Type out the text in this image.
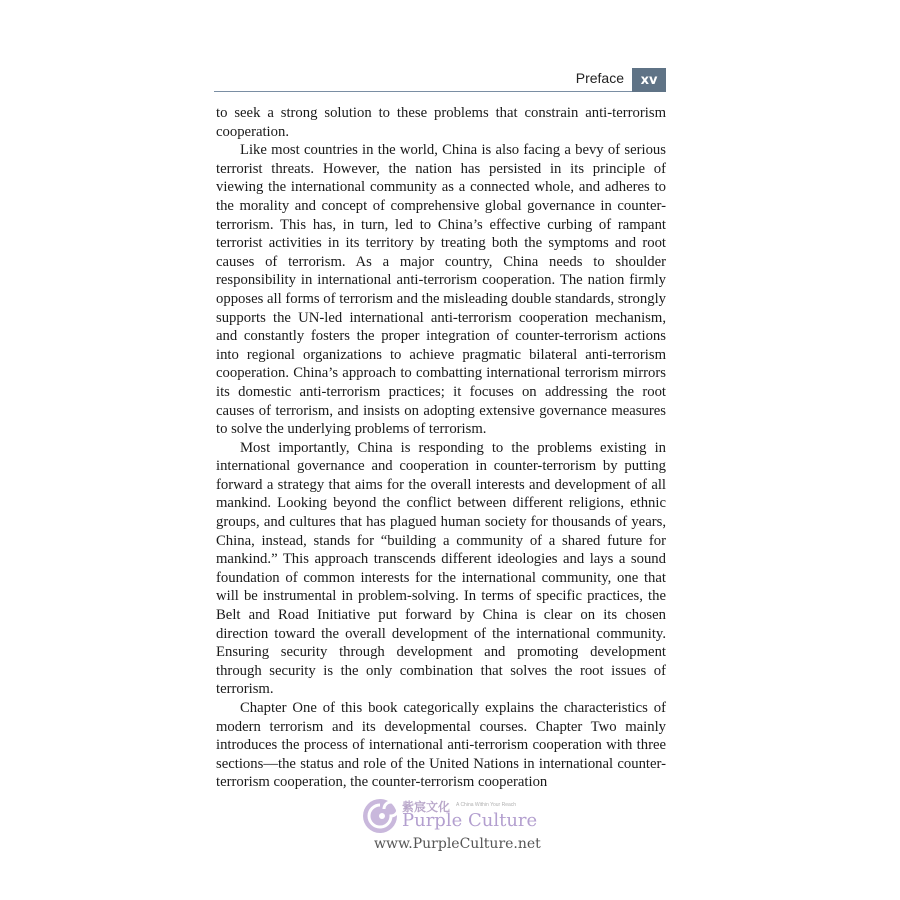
Preface	xv

to seek a strong solution to these problems that constrain anti-terrorism cooperation.

Like most countries in the world, China is also facing a bevy of serious terrorist threats. However, the nation has persisted in its principle of viewing the international community as a connected whole, and adheres to the morality and concept of comprehensive global governance in counter-terrorism. This has, in turn, led to China’s effective curbing of rampant terrorist activities in its territory by treating both the symptoms and root causes of terrorism. As a major country, China needs to shoulder responsibility in international anti-terrorism cooperation. The nation firmly opposes all forms of terrorism and the misleading double standards, strongly supports the UN-led international anti-terrorism cooperation mechanism, and constantly fosters the proper integration of counter-terrorism actions into regional organizations to achieve pragmatic bilateral anti-terrorism cooperation. China’s approach to combatting international terrorism mirrors its domestic anti-terrorism practices; it focuses on addressing the root causes of terrorism, and insists on adopting extensive governance measures to solve the underlying problems of terrorism.

Most importantly, China is responding to the problems existing in international governance and cooperation in counter-terrorism by putting forward a strategy that aims for the overall interests and development of all mankind. Looking beyond the conflict between different religions, ethnic groups, and cultures that has plagued human society for thousands of years, China, instead, stands for “building a community of a shared future for mankind.” This approach transcends different ideologies and lays a sound foundation of common interests for the international community, one that will be instrumental in problem-solving. In terms of specific practices, the Belt and Road Initiative put forward by China is clear on its chosen direction toward the overall development of the international community. Ensuring security through development and promoting development through security is the only combination that solves the root issues of terrorism.

Chapter One of this book categorically explains the characteristics of modern terrorism and its developmental courses. Chapter Two mainly introduces the process of international anti-terrorism cooperation with three sections—the status and role of the United Nations in international counter-terrorism cooperation, the counter-terrorism cooperation

紫宸文化 A China Within Your Reach
Purple Culture
www.PurpleCulture.net
